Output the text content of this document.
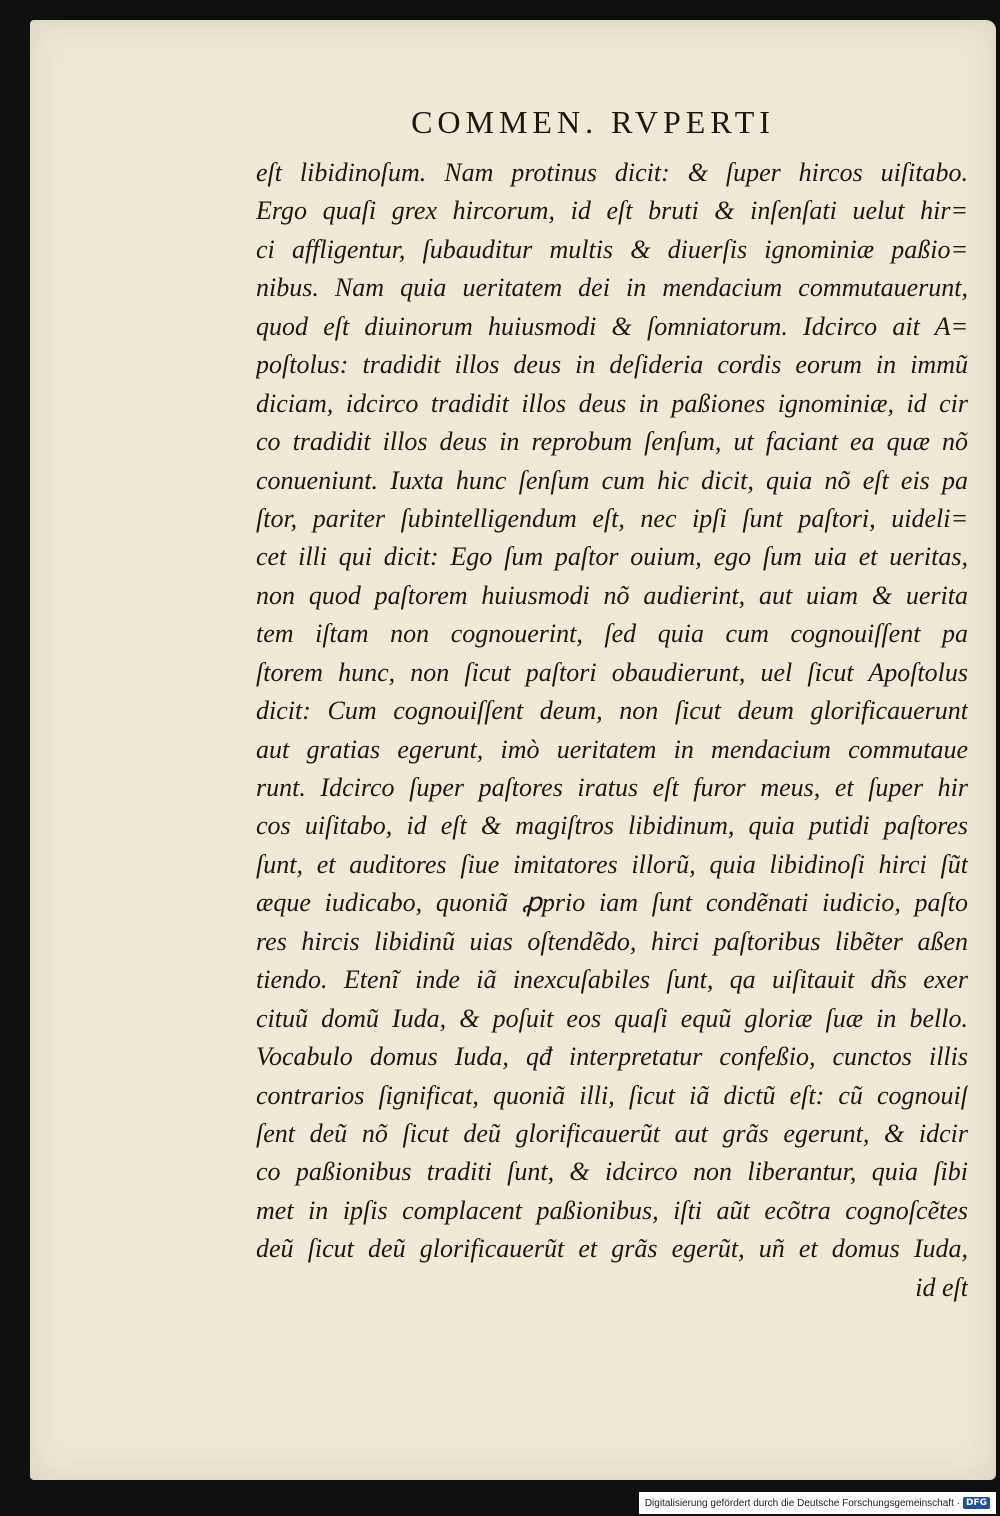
COMMEN. RVPERTI
eſt libidinoſum. Nam protinus dicit: & ſuper hircos uiſitabo.
Ergo quaſi grex hircorum, id eſt bruti & inſenſati uelut hir=
ci affligentur, ſubauditur multis & diuerſis ignominiæ paßio=
nibus. Nam quia ueritatem dei in mendacium commutauerunt,
quod eſt diuinorum huiusmodi & ſomniatorum. Idcirco ait A=
poſtolus: tradidit illos deus in deſideria cordis eorum in immũ
diciam, idcirco tradidit illos deus in paßiones ignominiæ, id cir
co tradidit illos deus in reprobum ſenſum, ut faciant ea quæ nõ
conueniunt. Iuxta hunc ſenſum cum hic dicit, quia nõ eſt eis pa
ſtor, pariter ſubintelligendum eſt, nec ipſi ſunt paſtori, uideli=
cet illi qui dicit: Ego ſum paſtor ouium, ego ſum uia et ueritas,
non quod paſtorem huiusmodi nõ audierint, aut uiam & uerita
tem iſtam non cognouerint, ſed quia cum cognouiſſent pa
ſtorem hunc, non ſicut paſtori obaudierunt, uel ſicut Apoſtolus
dicit: Cum cognouiſſent deum, non ſicut deum glorificauerunt
aut gratias egerunt, imò ueritatem in mendacium commutaue
runt. Idcirco ſuper paſtores iratus eſt furor meus, et ſuper hir
cos uiſitabo, id eſt & magiſtros libidinum, quia putidi paſtores
ſunt, et auditores ſiue imitatores illorũ, quia libidinoſi hirci ſũt
æque iudicabo, quoniã ꝓprio iam ſunt condẽnati iudicio, paſto
res hircis libidinũ uias oſtendẽdo, hirci paſtoribus libẽter aßen
tiendo. Etenĩ inde iã inexcuſabiles ſunt, qa uiſitauit dñs exer
cituũ domũ Iuda, & poſuit eos quaſi equũ gloriæ ſuæ in bello.
Vocabulo domus Iuda, qđ interpretatur confeßio, cunctos illis
contrarios ſignificat, quoniã illi, ſicut iã dictũ eſt: cũ cognouiſ
ſent deũ nõ ſicut deũ glorificauerũt aut grãs egerunt, & idcir
co paßionibus traditi ſunt, & idcirco non liberantur, quia ſibi
met in ipſis complacent paßionibus, iſti aũt ecõtra cognoſcẽtes
deũ ſicut deũ glorificauerũt et grãs egerũt, uñ et domus Iuda,
id eſt
Digitalisierung gefördert durch die Deutsche Forschungsgemeinschaft · DFG
